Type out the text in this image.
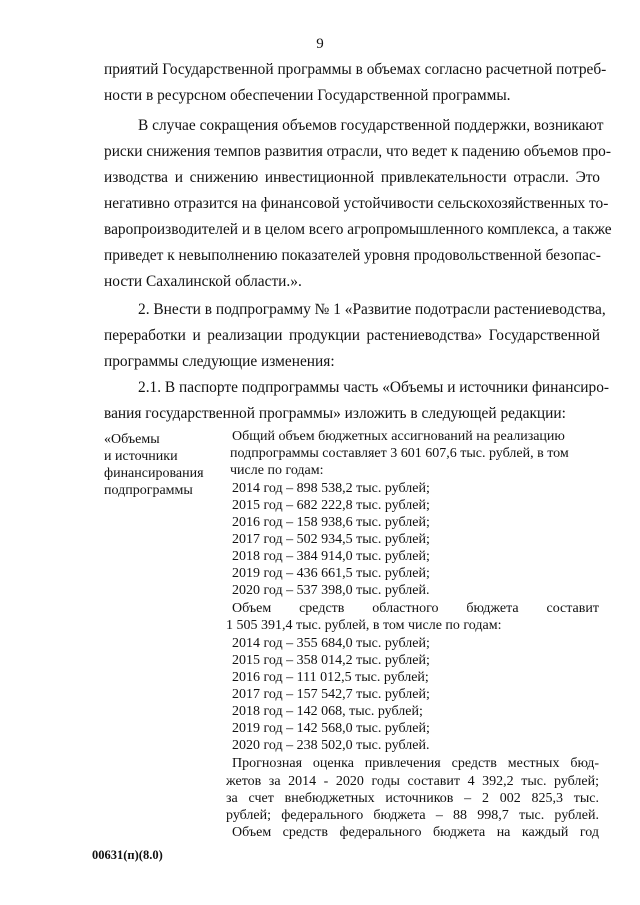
9
приятий Государственной программы в объемах согласно расчетной потреб-
ности в ресурсном обеспечении Государственной программы.
В случае сокращения объемов государственной поддержки, возникают
риски снижения темпов развития отрасли, что ведет к падению объемов про-
изводства и снижению инвестиционной привлекательности отрасли. Это
негативно отразится на финансовой устойчивости сельскохозяйственных то-
варопроизводителей и в целом всего агропромышленного комплекса, а также
приведет к невыполнению показателей уровня продовольственной безопас-
ности Сахалинской области.».
2. Внести в подпрограмму № 1 «Развитие подотрасли растениеводства,
переработки и реализации продукции растениеводства» Государственной
программы следующие изменения:
2.1. В паспорте подпрограммы часть «Объемы и источники финансиро-
вания государственной программы» изложить в следующей редакции:
«Объемы
и источники
финансирования
подпрограммы
Общий объем бюджетных ассигнований на реализацию
подпрограммы составляет 3 601 607,6 тыс. рублей, в том
числе по годам:
2014 год – 898 538,2 тыс. рублей;
2015 год – 682 222,8 тыс. рублей;
2016 год – 158 938,6 тыс. рублей;
2017 год – 502 934,5 тыс. рублей;
2018 год – 384 914,0 тыс. рублей;
2019 год – 436 661,5 тыс. рублей;
2020 год – 537 398,0 тыс. рублей.
Объем средств областного бюджета составит
1 505 391,4 тыс. рублей, в том числе по годам:
2014 год – 355 684,0 тыс. рублей;
2015 год – 358 014,2 тыс. рублей;
2016 год – 111 012,5 тыс. рублей;
2017 год – 157 542,7 тыс. рублей;
2018 год – 142 068, тыс. рублей;
2019 год – 142 568,0 тыс. рублей;
2020 год – 238 502,0 тыс. рублей.
Прогнозная оценка привлечения средств местных бюд-
жетов за 2014 - 2020 годы составит 4 392,2 тыс. рублей;
за счет внебюджетных источников – 2 002 825,3 тыс.
рублей; федерального бюджета – 88 998,7 тыс. рублей.
Объем средств федерального бюджета на каждый год
00631(п)(8.0)
